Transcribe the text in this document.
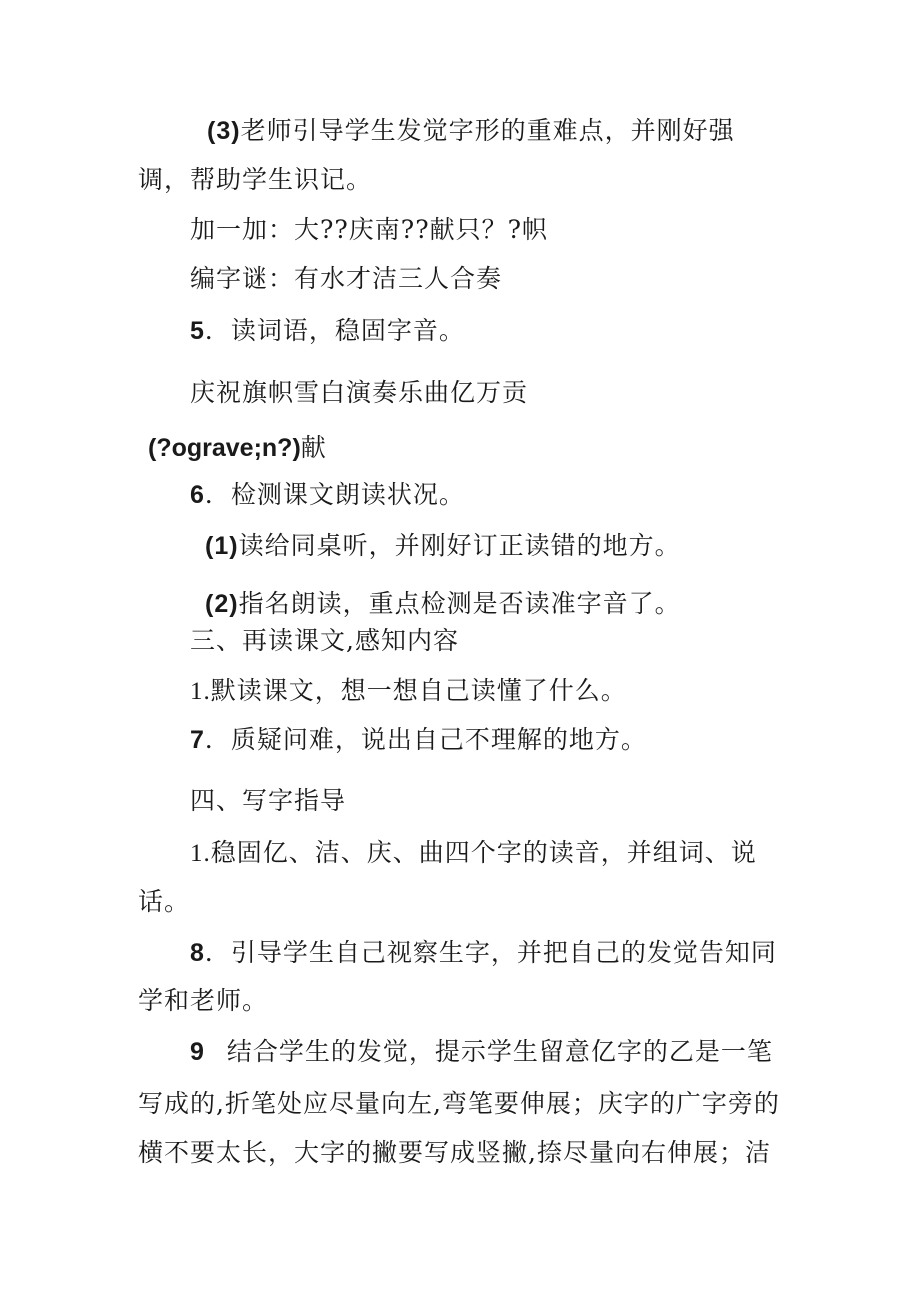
(3)老师引导学生发觉字形的重难点，并刚好强
调，帮助学生识记。
加一加：大??庆南??献只？?帜
编字谜：有水才洁三人合奏
5．读词语，稳固字音。
庆祝旗帜雪白演奏乐曲亿万贡
(?ograve;n?)献
6．检测课文朗读状况。
(1)读给同桌听，并刚好订正读错的地方。
(2)指名朗读，重点检测是否读准字音了。
三、再读课文,感知内容
1.默读课文，想一想自己读懂了什么。
7．质疑问难，说出自己不理解的地方。
四、写字指导
1.稳固亿、洁、庆、曲四个字的读音，并组词、说
话。
8．引导学生自己视察生字，并把自己的发觉告知同
学和老师。
9 结合学生的发觉，提示学生留意亿字的乙是一笔
写成的,折笔处应尽量向左,弯笔要伸展；庆字的广字旁的
横不要太长，大字的撇要写成竖撇,捺尽量向右伸展；洁
